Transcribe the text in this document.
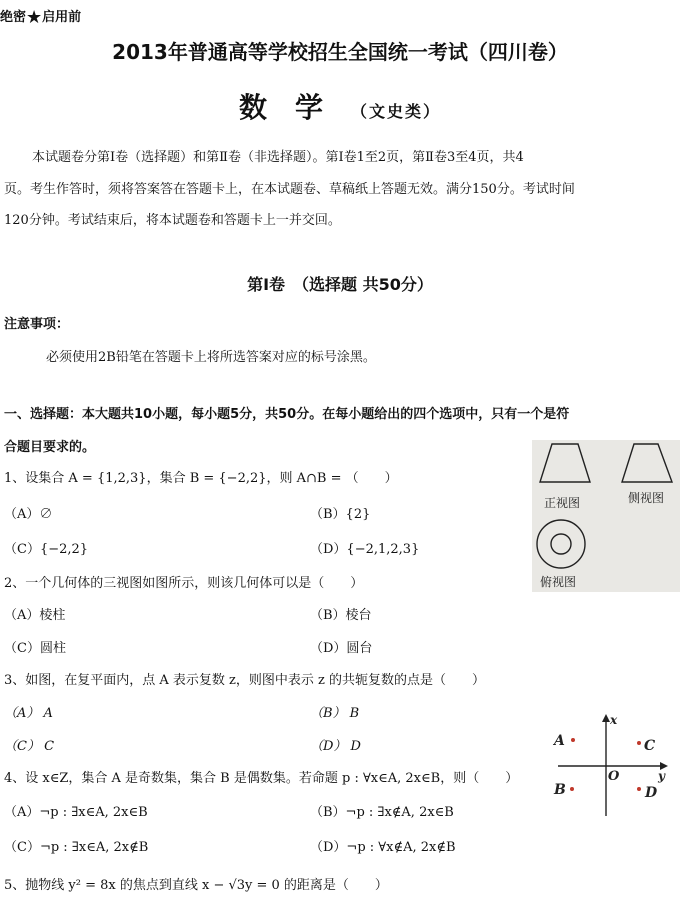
绝密★启用前
2013年普通高等学校招生全国统一考试（四川卷）
数学（文史类）
本试题卷分第Ⅰ卷（选择题）和第Ⅱ卷（非选择题）。第Ⅰ卷1至2页，第Ⅱ卷3至4页，共4
页。考生作答时，须将答案答在答题卡上，在本试题卷、草稿纸上答题无效。满分150分。考试时间
120分钟。考试结束后，将本试题卷和答题卡上一并交回。
第Ⅰ卷　（选择题 共50分）
注意事项：
必须使用2B铅笔在答题卡上将所选答案对应的标号涂黑。
一、选择题：本大题共10小题，每小题5分，共50分。在每小题给出的四个选项中，只有一个是符
合题目要求的。
1、设集合 A = {1,2,3}，集合 B = {−2,2}，则 A∩B = （　　）
（A）∅	（B）{2}
（C）{−2,2}	（D）{−2,1,2,3}
2、一个几何体的三视图如图所示，则该几何体可以是（　　）
（A）棱柱	（B）棱台
（C）圆柱	（D）圆台
3、如图，在复平面内，点 A 表示复数 z，则图中表示 z 的共轭复数的点是（　　）
（A） A	（B） B
（C） C	（D） D
4、设 x∈Z，集合 A 是奇数集，集合 B 是偶数集。若命题 p : ∀x∈A, 2x∈B，则（　　）
（A）¬p : ∃x∈A, 2x∈B	（B）¬p : ∃x∉A, 2x∈B
（C）¬p : ∃x∈A, 2x∉B	（D）¬p : ∀x∉A, 2x∉B
5、抛物线 y² = 8x 的焦点到直线 x − √3y = 0 的距离是（　　）
正视图	侧视图
俯视图
x
y
O
A
B
C
D
